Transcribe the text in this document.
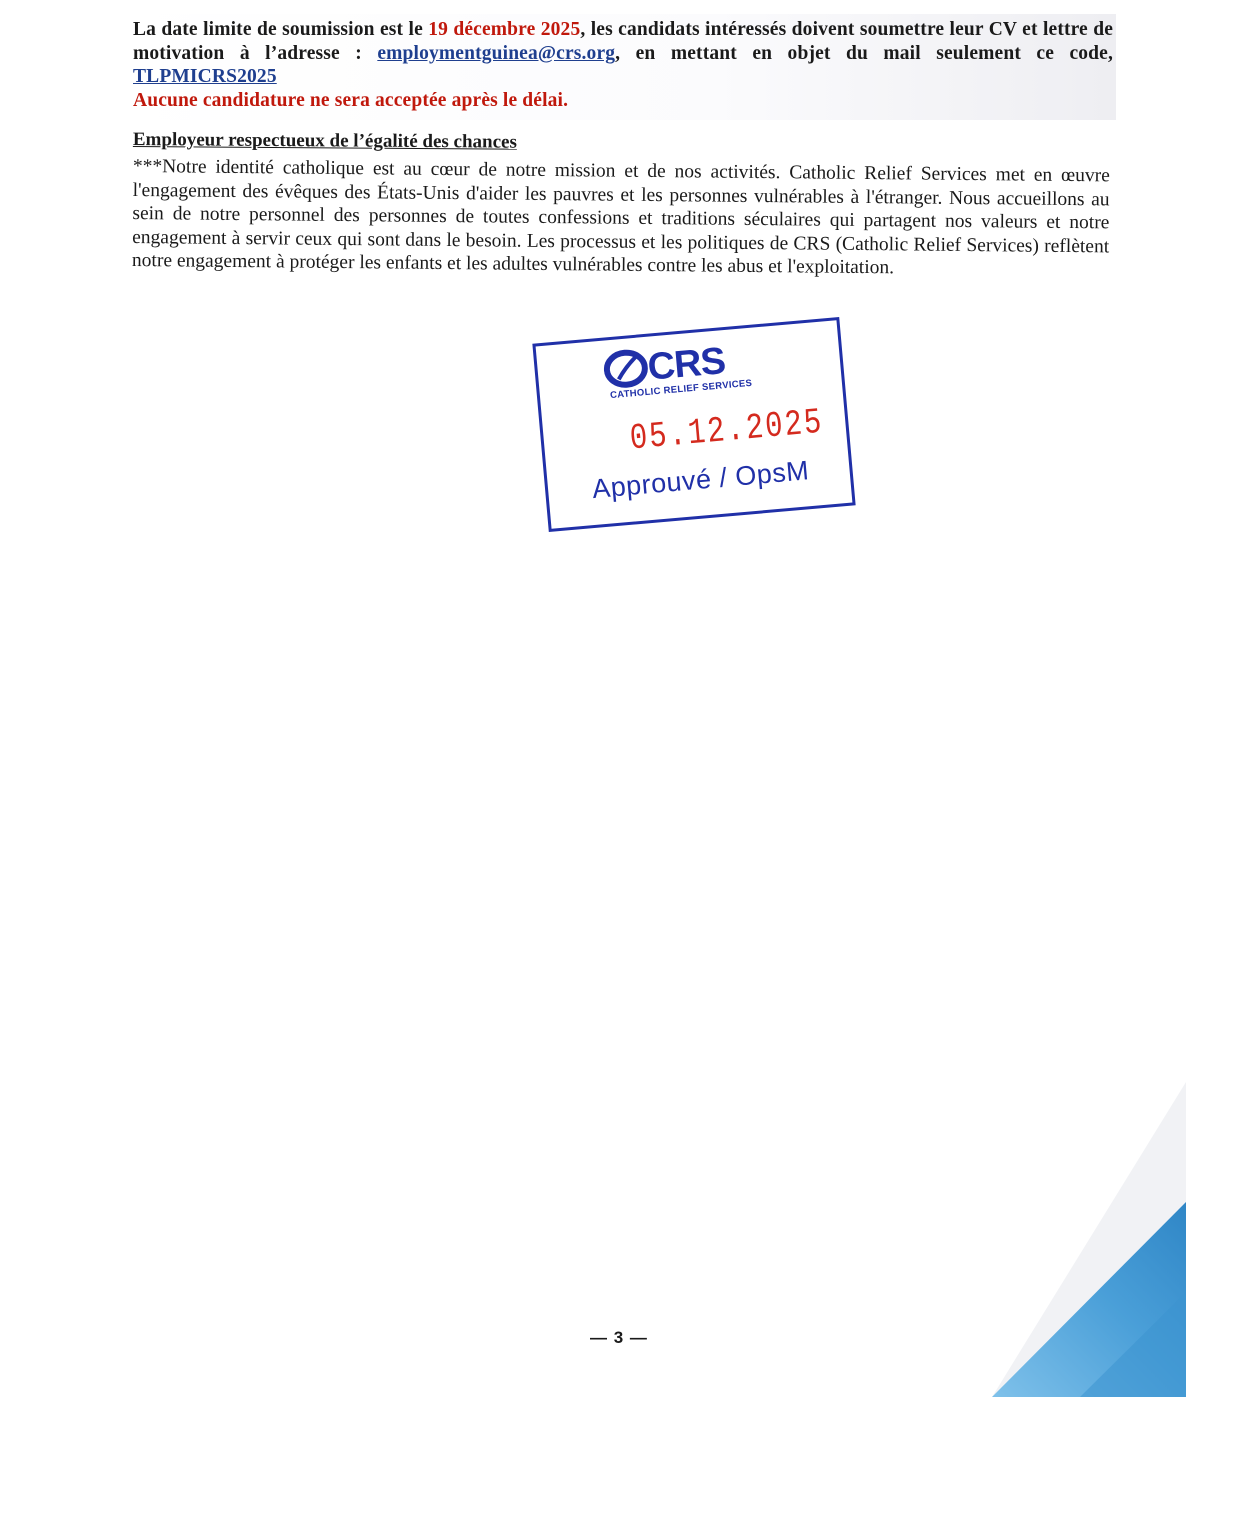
La date limite de soumission est le 19 décembre 2025, les candidats intéressés doivent soumettre leur CV et lettre de motivation à l’adresse : employmentguinea@crs.org, en mettant en objet du mail seulement ce code, TLPMICRS2025
Aucune candidature ne sera acceptée après le délai.
Employeur respectueux de l’égalité des chances
***Notre identité catholique est au cœur de notre mission et de nos activités. Catholic Relief Services met en œuvre l'engagement des évêques des États-Unis d'aider les pauvres et les personnes vulnérables à l'étranger. Nous accueillons au sein de notre personnel des personnes de toutes confessions et traditions séculaires qui partagent nos valeurs et notre engagement à servir ceux qui sont dans le besoin. Les processus et les politiques de CRS (Catholic Relief Services) reflètent notre engagement à protéger les enfants et les adultes vulnérables contre les abus et l'exploitation.
CRS
CATHOLIC RELIEF SERVICES
05.12.2025
Approuvé / OpsM
— 3 —
